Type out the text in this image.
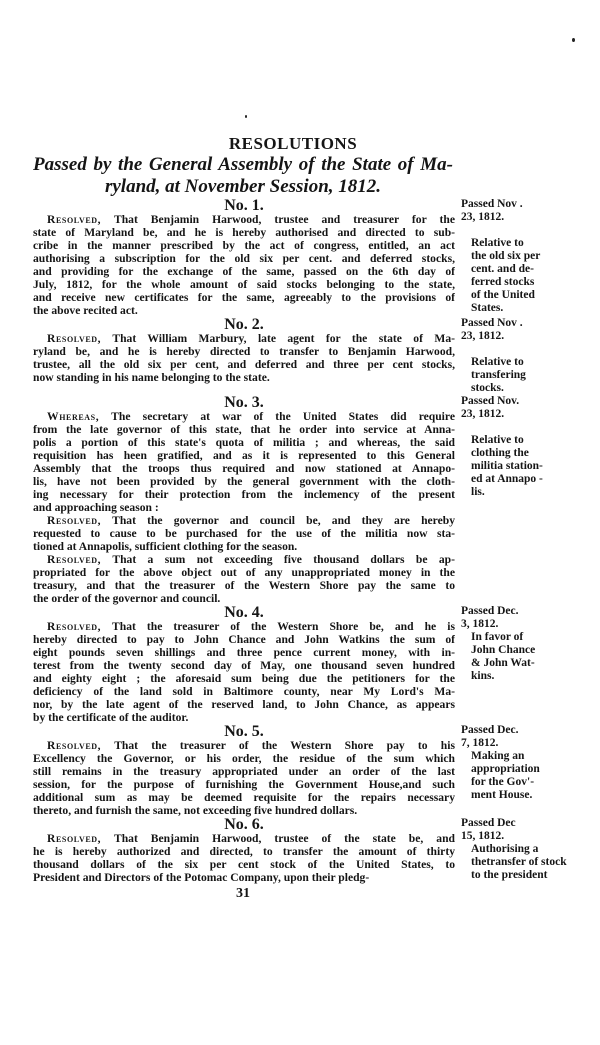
RESOLUTIONS
Passed by the General Assembly of the State of Ma-
ryland, at November Session, 1812.
No. 1.
Resolved, That Benjamin Harwood, trustee and treasurer for the
state of Maryland be, and he is hereby authorised and directed to sub-
cribe in the manner prescribed by the act of congress, entitled, an act
authorising a subscription for the old six per cent. and deferred stocks,
and providing for the exchange of the same, passed on the 6th day of
July, 1812, for the whole amount of said stocks belonging to the state,
and receive new certificates for the same, agreeably to the provisions of
the above recited act.
Passed Nov .
23, 1812.

Relative to
the old six per
cent. and de-
ferred stocks
of the United
States.
No. 2.
Resolved, That William Marbury, late agent for the state of Ma-
ryland be, and he is hereby directed to transfer to Benjamin Harwood,
trustee, all the old six per cent, and deferred and three per cent stocks,
now standing in his name belonging to the state.
Passed Nov .
23, 1812.

Relative to
transfering
stocks.
No. 3.
Whereas, The secretary at war of the United States did require
from the late governor of this state, that he order into service at Anna-
polis a portion of this state's quota of militia ; and whereas, the said
requisition has heen gratified, and as it is represented to this General
Assembly that the troops thus required and now stationed at Annapo-
lis, have not been provided by the general government with the cloth-
ing necessary for their protection from the inclemency of the present
and approaching season :
Resolved, That the governor and council be, and they are hereby
requested to cause to be purchased for the use of the militia now sta-
tioned at Annapolis, sufficient clothing for the season.
Resolved, That a sum not exceeding five thousand dollars be ap-
propriated for the above object out of any unappropriated money in the
treasury, and that the treasurer of the Western Shore pay the same to
the order of the governor and council.
Passed Nov.
23, 1812.

Relative to
clothing the
militia station-
ed at Annapo -
lis.
No. 4.
Resolved, That the treasurer of the Western Shore be, and he is
hereby directed to pay to John Chance and John Watkins the sum of
eight pounds seven shillings and three pence current money, with in-
terest from the twenty second day of May, one thousand seven hundred
and eighty eight ; the aforesaid sum being due the petitioners for the
deficiency of the land sold in Baltimore county, near My Lord's Ma-
nor, by the late agent of the reserved land, to John Chance, as appears
by the certificate of the auditor.
Passed Dec.
3, 1812.
In favor of
John Chance
& John Wat-
kins.
No. 5.
Resolved, That the treasurer of the Western Shore pay to his
Excellency the Governor, or his order, the residue of the sum which
still remains in the treasury appropriated under an order of the last
session, for the purpose of furnishing the Government House,and such
additional sum as may be deemed requisite for the repairs necessary
thereto, and furnish the same, not exceeding five hundred dollars.
Passed Dec.
7, 1812.
Making an
appropriation
for the Gov'-
ment House.
No. 6.
Resolved, That Benjamin Harwood, trustee of the state be, and
he is hereby authorized and directed, to transfer the amount of thirty
thousand dollars of the six per cent stock of the United States, to
President and Directors of the Potomac Company, upon their pledg-
Passed Dec
15, 1812.
Authorising a
thetransfer of stock
to the president
31
